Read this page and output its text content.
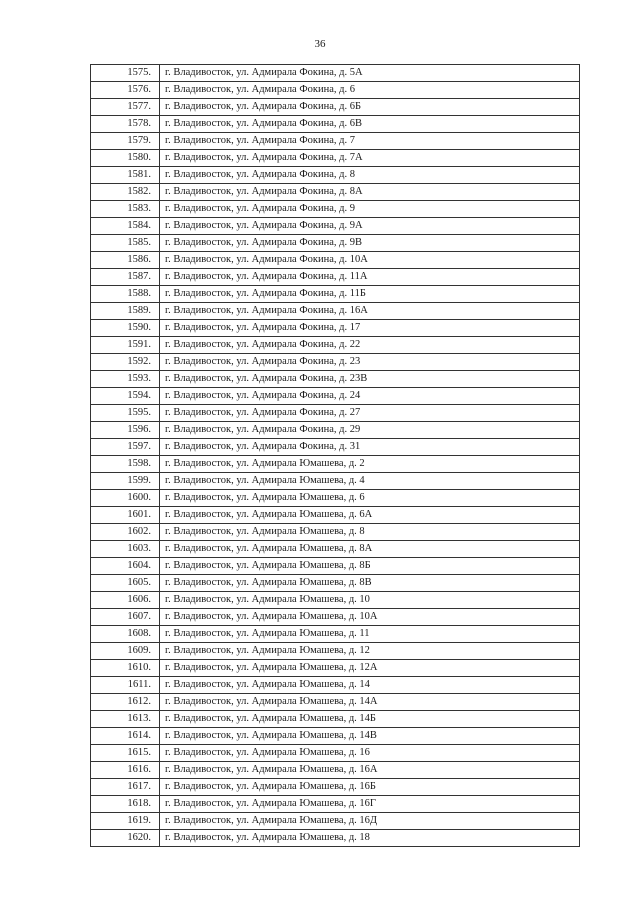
36
1575.	г. Владивосток, ул. Адмирала Фокина, д. 5А
1576.	г. Владивосток, ул. Адмирала Фокина, д. 6
1577.	г. Владивосток, ул. Адмирала Фокина, д. 6Б
1578.	г. Владивосток, ул. Адмирала Фокина, д. 6В
1579.	г. Владивосток, ул. Адмирала Фокина, д. 7
1580.	г. Владивосток, ул. Адмирала Фокина, д. 7А
1581.	г. Владивосток, ул. Адмирала Фокина, д. 8
1582.	г. Владивосток, ул. Адмирала Фокина, д. 8А
1583.	г. Владивосток, ул. Адмирала Фокина, д. 9
1584.	г. Владивосток, ул. Адмирала Фокина, д. 9А
1585.	г. Владивосток, ул. Адмирала Фокина, д. 9В
1586.	г. Владивосток, ул. Адмирала Фокина, д. 10А
1587.	г. Владивосток, ул. Адмирала Фокина, д. 11А
1588.	г. Владивосток, ул. Адмирала Фокина, д. 11Б
1589.	г. Владивосток, ул. Адмирала Фокина, д. 16А
1590.	г. Владивосток, ул. Адмирала Фокина, д. 17
1591.	г. Владивосток, ул. Адмирала Фокина, д. 22
1592.	г. Владивосток, ул. Адмирала Фокина, д. 23
1593.	г. Владивосток, ул. Адмирала Фокина, д. 23В
1594.	г. Владивосток, ул. Адмирала Фокина, д. 24
1595.	г. Владивосток, ул. Адмирала Фокина, д. 27
1596.	г. Владивосток, ул. Адмирала Фокина, д. 29
1597.	г. Владивосток, ул. Адмирала Фокина, д. 31
1598.	г. Владивосток, ул. Адмирала Юмашева, д. 2
1599.	г. Владивосток, ул. Адмирала Юмашева, д. 4
1600.	г. Владивосток, ул. Адмирала Юмашева, д. 6
1601.	г. Владивосток, ул. Адмирала Юмашева, д. 6А
1602.	г. Владивосток, ул. Адмирала Юмашева, д. 8
1603.	г. Владивосток, ул. Адмирала Юмашева, д. 8А
1604.	г. Владивосток, ул. Адмирала Юмашева, д. 8Б
1605.	г. Владивосток, ул. Адмирала Юмашева, д. 8В
1606.	г. Владивосток, ул. Адмирала Юмашева, д. 10
1607.	г. Владивосток, ул. Адмирала Юмашева, д. 10А
1608.	г. Владивосток, ул. Адмирала Юмашева, д. 11
1609.	г. Владивосток, ул. Адмирала Юмашева, д. 12
1610.	г. Владивосток, ул. Адмирала Юмашева, д. 12А
1611.	г. Владивосток, ул. Адмирала Юмашева, д. 14
1612.	г. Владивосток, ул. Адмирала Юмашева, д. 14А
1613.	г. Владивосток, ул. Адмирала Юмашева, д. 14Б
1614.	г. Владивосток, ул. Адмирала Юмашева, д. 14В
1615.	г. Владивосток, ул. Адмирала Юмашева, д. 16
1616.	г. Владивосток, ул. Адмирала Юмашева, д. 16А
1617.	г. Владивосток, ул. Адмирала Юмашева, д. 16Б
1618.	г. Владивосток, ул. Адмирала Юмашева, д. 16Г
1619.	г. Владивосток, ул. Адмирала Юмашева, д. 16Д
1620.	г. Владивосток, ул. Адмирала Юмашева, д. 18
